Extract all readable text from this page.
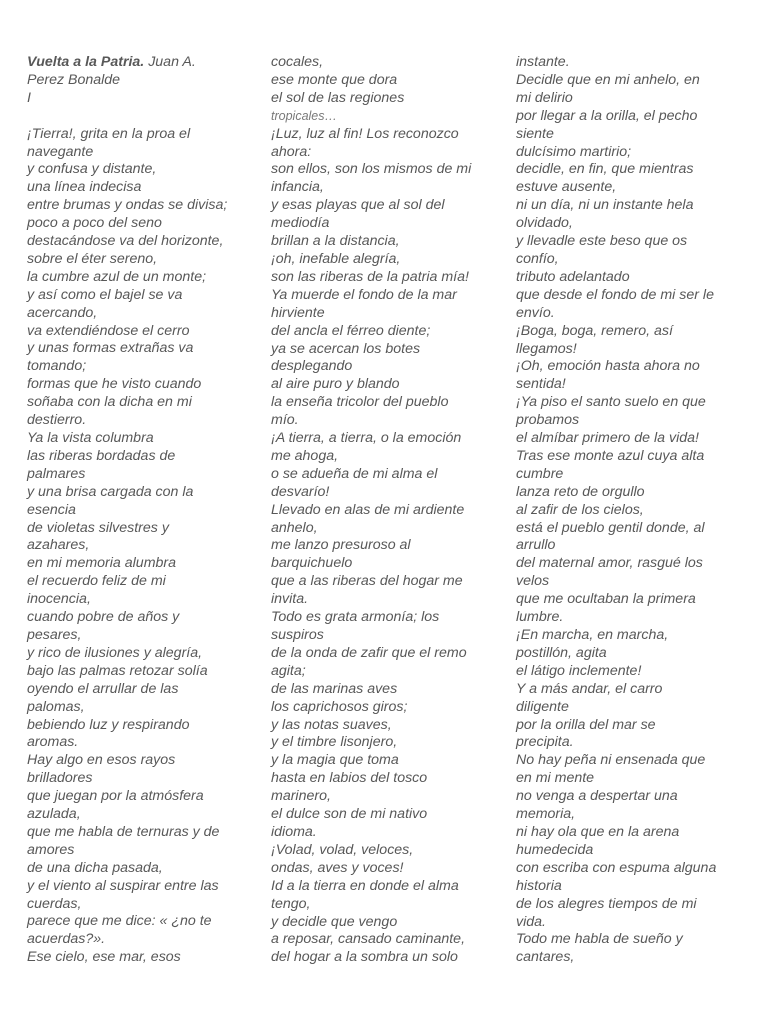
Vuelta a la Patria. Juan A.
Perez Bonalde
I
¡Tierra!, grita en la proa el
navegante
y confusa y distante,
una línea indecisa
entre brumas y ondas se divisa;
poco a poco del seno
destacándose va del horizonte,
sobre el éter sereno,
la cumbre azul de un monte;
y así como el bajel se va
acercando,
va extendiéndose el cerro
y unas formas extrañas va
tomando;
formas que he visto cuando
soñaba con la dicha en mi
destierro.
Ya la vista columbra
las riberas bordadas de
palmares
y una brisa cargada con la
esencia
de violetas silvestres y
azahares,
en mi memoria alumbra
el recuerdo feliz de mi
inocencia,
cuando pobre de años y
pesares,
y rico de ilusiones y alegría,
bajo las palmas retozar solía
oyendo el arrullar de las
palomas,
bebiendo luz y respirando
aromas.
Hay algo en esos rayos
brilladores
que juegan por la atmósfera
azulada,
que me habla de ternuras y de
amores
de una dicha pasada,
y el viento al suspirar entre las
cuerdas,
parece que me dice: « ¿no te
acuerdas?».
Ese cielo, ese mar, esos
cocales,
ese monte que dora
el sol de las regiones
tropicales…
¡Luz, luz al fin! Los reconozco
ahora:
son ellos, son los mismos de mi
infancia,
y esas playas que al sol del
mediodía
brillan a la distancia,
¡oh, inefable alegría,
son las riberas de la patria mía!
Ya muerde el fondo de la mar
hirviente
del ancla el férreo diente;
ya se acercan los botes
desplegando
al aire puro y blando
la enseña tricolor del pueblo
mío.
¡A tierra, a tierra, o la emoción
me ahoga,
o se adueña de mi alma el
desvarío!
Llevado en alas de mi ardiente
anhelo,
me lanzo presuroso al
barquichuelo
que a las riberas del hogar me
invita.
Todo es grata armonía; los
suspiros
de la onda de zafir que el remo
agita;
de las marinas aves
los caprichosos giros;
y las notas suaves,
y el timbre lisonjero,
y la magia que toma
hasta en labios del tosco
marinero,
el dulce son de mi nativo
idioma.
¡Volad, volad, veloces,
ondas, aves y voces!
Id a la tierra en donde el alma
tengo,
y decidle que vengo
a reposar, cansado caminante,
del hogar a la sombra un solo
instante.
Decidle que en mi anhelo, en
mi delirio
por llegar a la orilla, el pecho
siente
dulcísimo martirio;
decidle, en fin, que mientras
estuve ausente,
ni un día, ni un instante hela
olvidado,
y llevadle este beso que os
confío,
tributo adelantado
que desde el fondo de mi ser le
envío.
¡Boga, boga, remero, así
llegamos!
¡Oh, emoción hasta ahora no
sentida!
¡Ya piso el santo suelo en que
probamos
el almíbar primero de la vida!
Tras ese monte azul cuya alta
cumbre
lanza reto de orgullo
al zafir de los cielos,
está el pueblo gentil donde, al
arrullo
del maternal amor, rasgué los
velos
que me ocultaban la primera
lumbre.
¡En marcha, en marcha,
postillón, agita
el látigo inclemente!
Y a más andar, el carro
diligente
por la orilla del mar se
precipita.
No hay peña ni ensenada que
en mi mente
no venga a despertar una
memoria,
ni hay ola que en la arena
humedecida
con escriba con espuma alguna
historia
de los alegres tiempos de mi
vida.
Todo me habla de sueño y
cantares,
